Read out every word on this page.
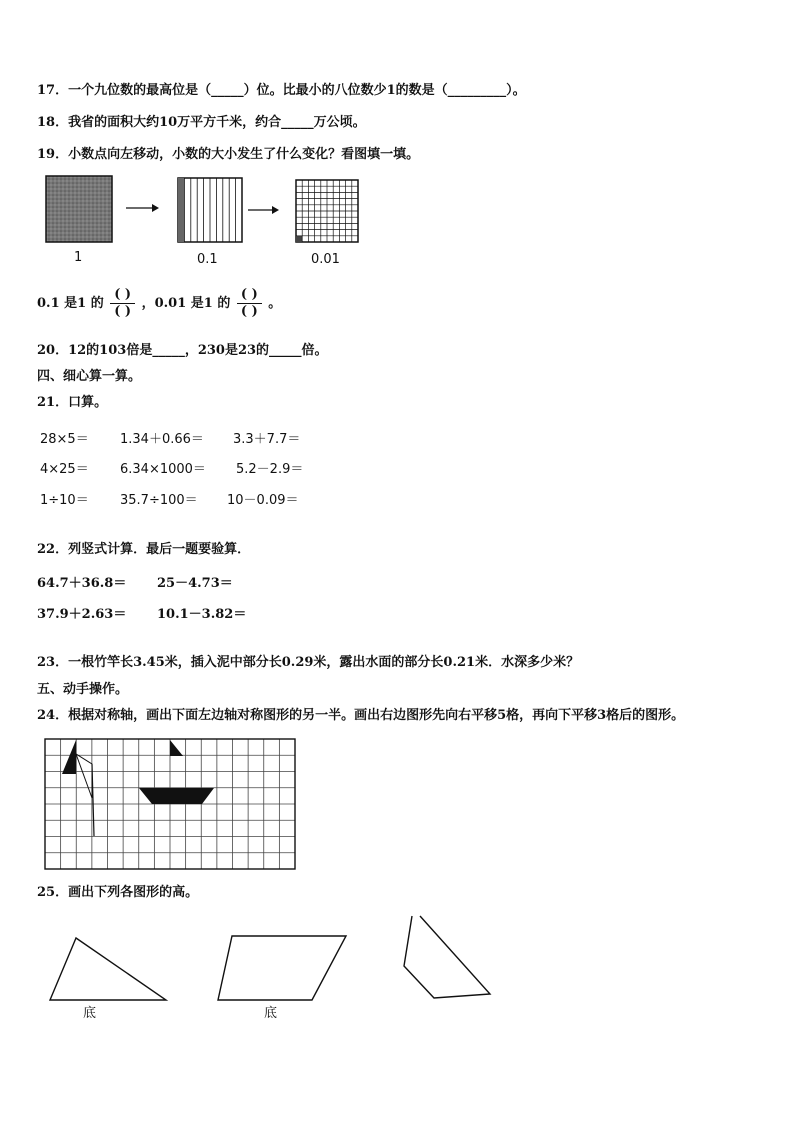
17．一个九位数的最高位是（_____）位。比最小的八位数少1的数是（_________）。
18．我省的面积大约10万平方千米，约合_____万公顷。
19．小数点向左移动，小数的大小发生了什么变化？看图填一填。
1	0.1	0.01
0.1 是1 的 $\frac{( )}{( )}$ ，0.01 是1 的 $\frac{( )}{( )}$ 。
20．12的103倍是_____，230是23的_____倍。
四、细心算一算。
21．口算。
28×5＝ 1.34＋0.66＝ 3.3＋7.7＝
4×25＝ 6.34×1000＝ 5.2－2.9＝
1÷10＝ 35.7÷100＝ 10－0.09＝
22．列竖式计算．最后一题要验算．
64.7＋36.8＝ 25－4.73＝
37.9＋2.63＝ 10.1－3.82＝
23．一根竹竿长3.45米，插入泥中部分长0.29米，露出水面的部分长0.21米．水深多少米？
五、动手操作。
24．根据对称轴，画出下面左边轴对称图形的另一半。画出右边图形先向右平移5格，再向下平移3格后的图形。
25．画出下列各图形的高。
底	底
